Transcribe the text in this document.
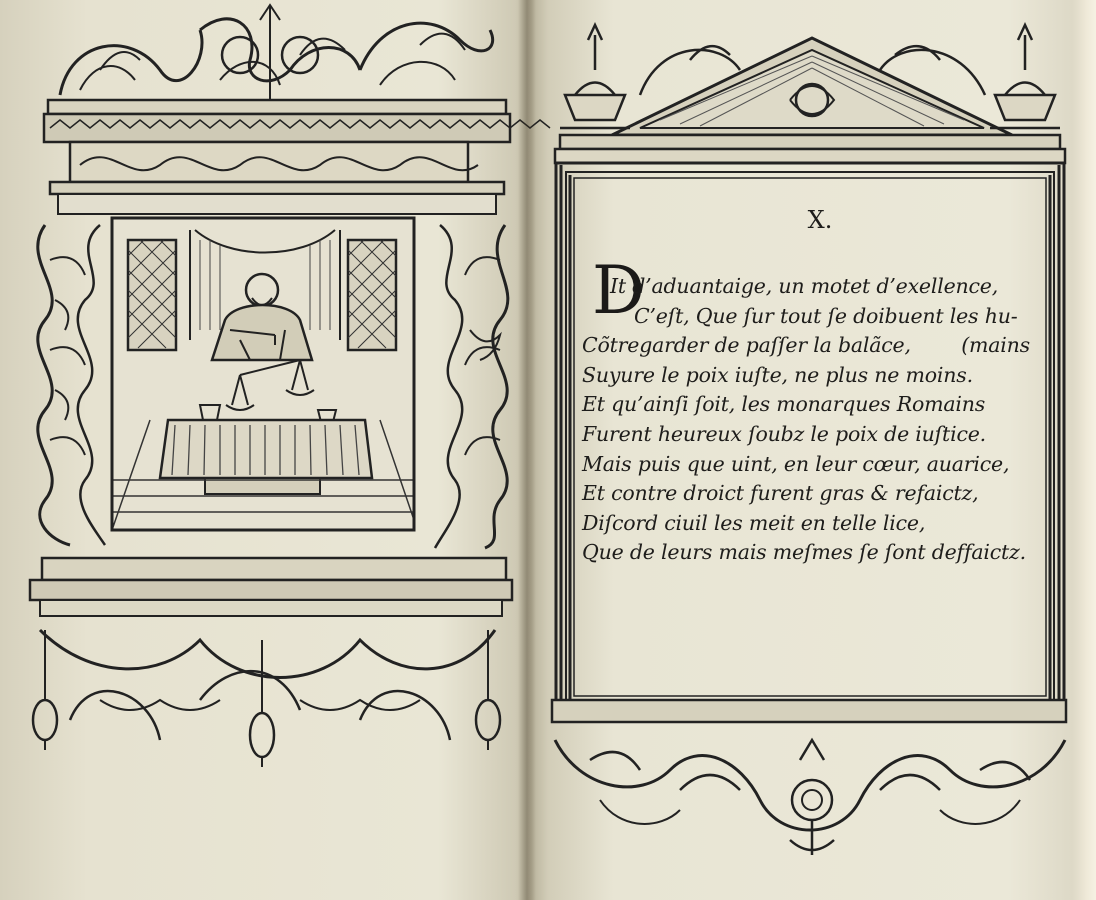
X.
D
It d’aduantaige, un motet d’exellence,
C’eſt, Que ſur tout ſe doibuent les hu-
Cõtregarder de paſſer la balãce, (mains
Suyure le poix iuſte, ne plus ne moins.
Et qu’ainſi ſoit, les monarques Romains
Furent heureux ſoubz le poix de iuſtice.
Mais puis que uint, en leur cœur, auarice,
Et contre droict furent gras & refaictz,
Diſcord ciuil les meit en telle lice,
Que de leurs mais meſmes ſe ſont deffaictz.
